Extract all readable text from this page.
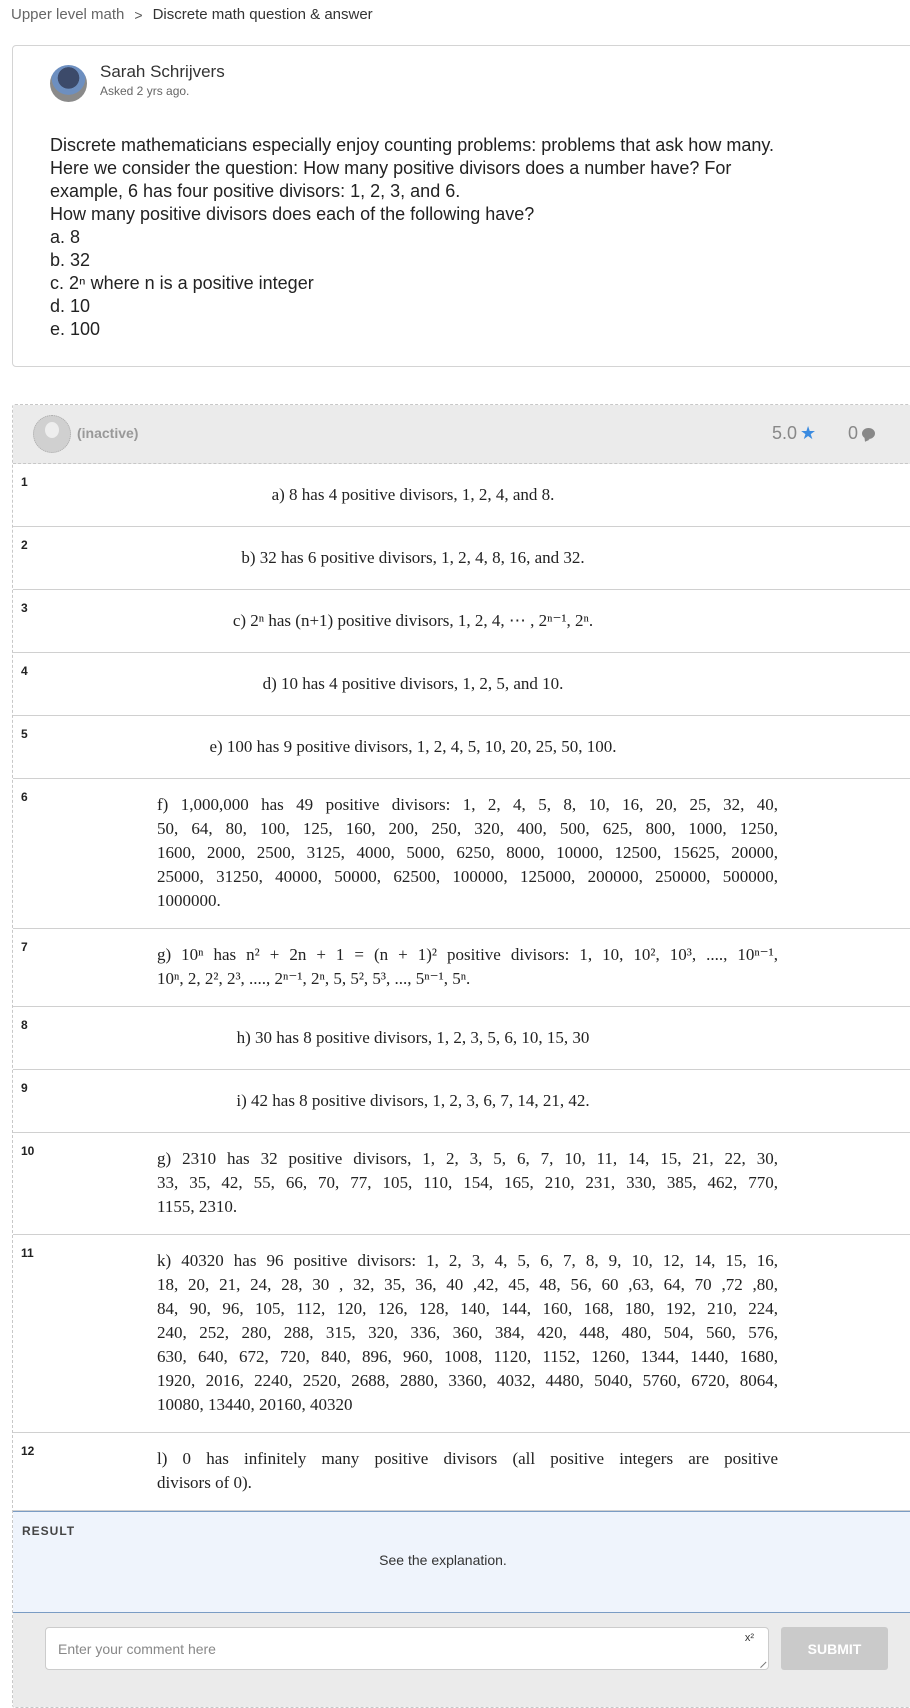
Upper level math > Discrete math question & answer
Sarah Schrijvers
Asked 2 yrs ago.
Discrete mathematicians especially enjoy counting problems: problems that ask how many.
Here we consider the question: How many positive divisors does a number have? For
example, 6 has four positive divisors: 1, 2, 3, and 6.
How many positive divisors does each of the following have?
a. 8
b. 32
c. 2ⁿ where n is a positive integer
d. 10
e. 100
(inactive)	5.0 ★ 0
1
a) 8 has 4 positive divisors, 1, 2, 4, and 8.
2
b) 32 has 6 positive divisors, 1, 2, 4, 8, 16, and 32.
3
c) 2ⁿ has (n+1) positive divisors, 1, 2, 4, ⋯ , 2ⁿ⁻¹, 2ⁿ.
4
d) 10 has 4 positive divisors, 1, 2, 5, and 10.
5
e) 100 has 9 positive divisors, 1, 2, 4, 5, 10, 20, 25, 50, 100.
6	f) 1,000,000 has 49 positive divisors: 1, 2, 4, 5, 8, 10, 16, 20, 25, 32, 40,
50, 64, 80, 100, 125, 160, 200, 250, 320, 400, 500, 625, 800, 1000, 1250,
1600, 2000, 2500, 3125, 4000, 5000, 6250, 8000, 10000, 12500, 15625, 20000,
25000, 31250, 40000, 50000, 62500, 100000, 125000, 200000, 250000, 500000,
1000000.
7	g) 10ⁿ has n² + 2n + 1 = (n + 1)² positive divisors: 1, 10, 10², 10³, ...., 10ⁿ⁻¹,
10ⁿ, 2, 2², 2³, ...., 2ⁿ⁻¹, 2ⁿ, 5, 5², 5³, ..., 5ⁿ⁻¹, 5ⁿ.
8
h) 30 has 8 positive divisors, 1, 2, 3, 5, 6, 10, 15, 30
9
i) 42 has 8 positive divisors, 1, 2, 3, 6, 7, 14, 21, 42.
10	g) 2310 has 32 positive divisors, 1, 2, 3, 5, 6, 7, 10, 11, 14, 15, 21, 22, 30,
33, 35, 42, 55, 66, 70, 77, 105, 110, 154, 165, 210, 231, 330, 385, 462, 770,
1155, 2310.
11	k) 40320 has 96 positive divisors: 1, 2, 3, 4, 5, 6, 7, 8, 9, 10, 12, 14, 15, 16,
18, 20, 21, 24, 28, 30 , 32, 35, 36, 40 ,42, 45, 48, 56, 60 ,63, 64, 70 ,72 ,80,
84, 90, 96, 105, 112, 120, 126, 128, 140, 144, 160, 168, 180, 192, 210, 224,
240, 252, 280, 288, 315, 320, 336, 360, 384, 420, 448, 480, 504, 560, 576,
630, 640, 672, 720, 840, 896, 960, 1008, 1120, 1152, 1260, 1344, 1440, 1680,
1920, 2016, 2240, 2520, 2688, 2880, 3360, 4032, 4480, 5040, 5760, 6720, 8064,
10080, 13440, 20160, 40320
12	l) 0 has infinitely many positive divisors (all positive integers are positive
divisors of 0).
RESULT
See the explanation.
Enter your comment here
x²
SUBMIT
